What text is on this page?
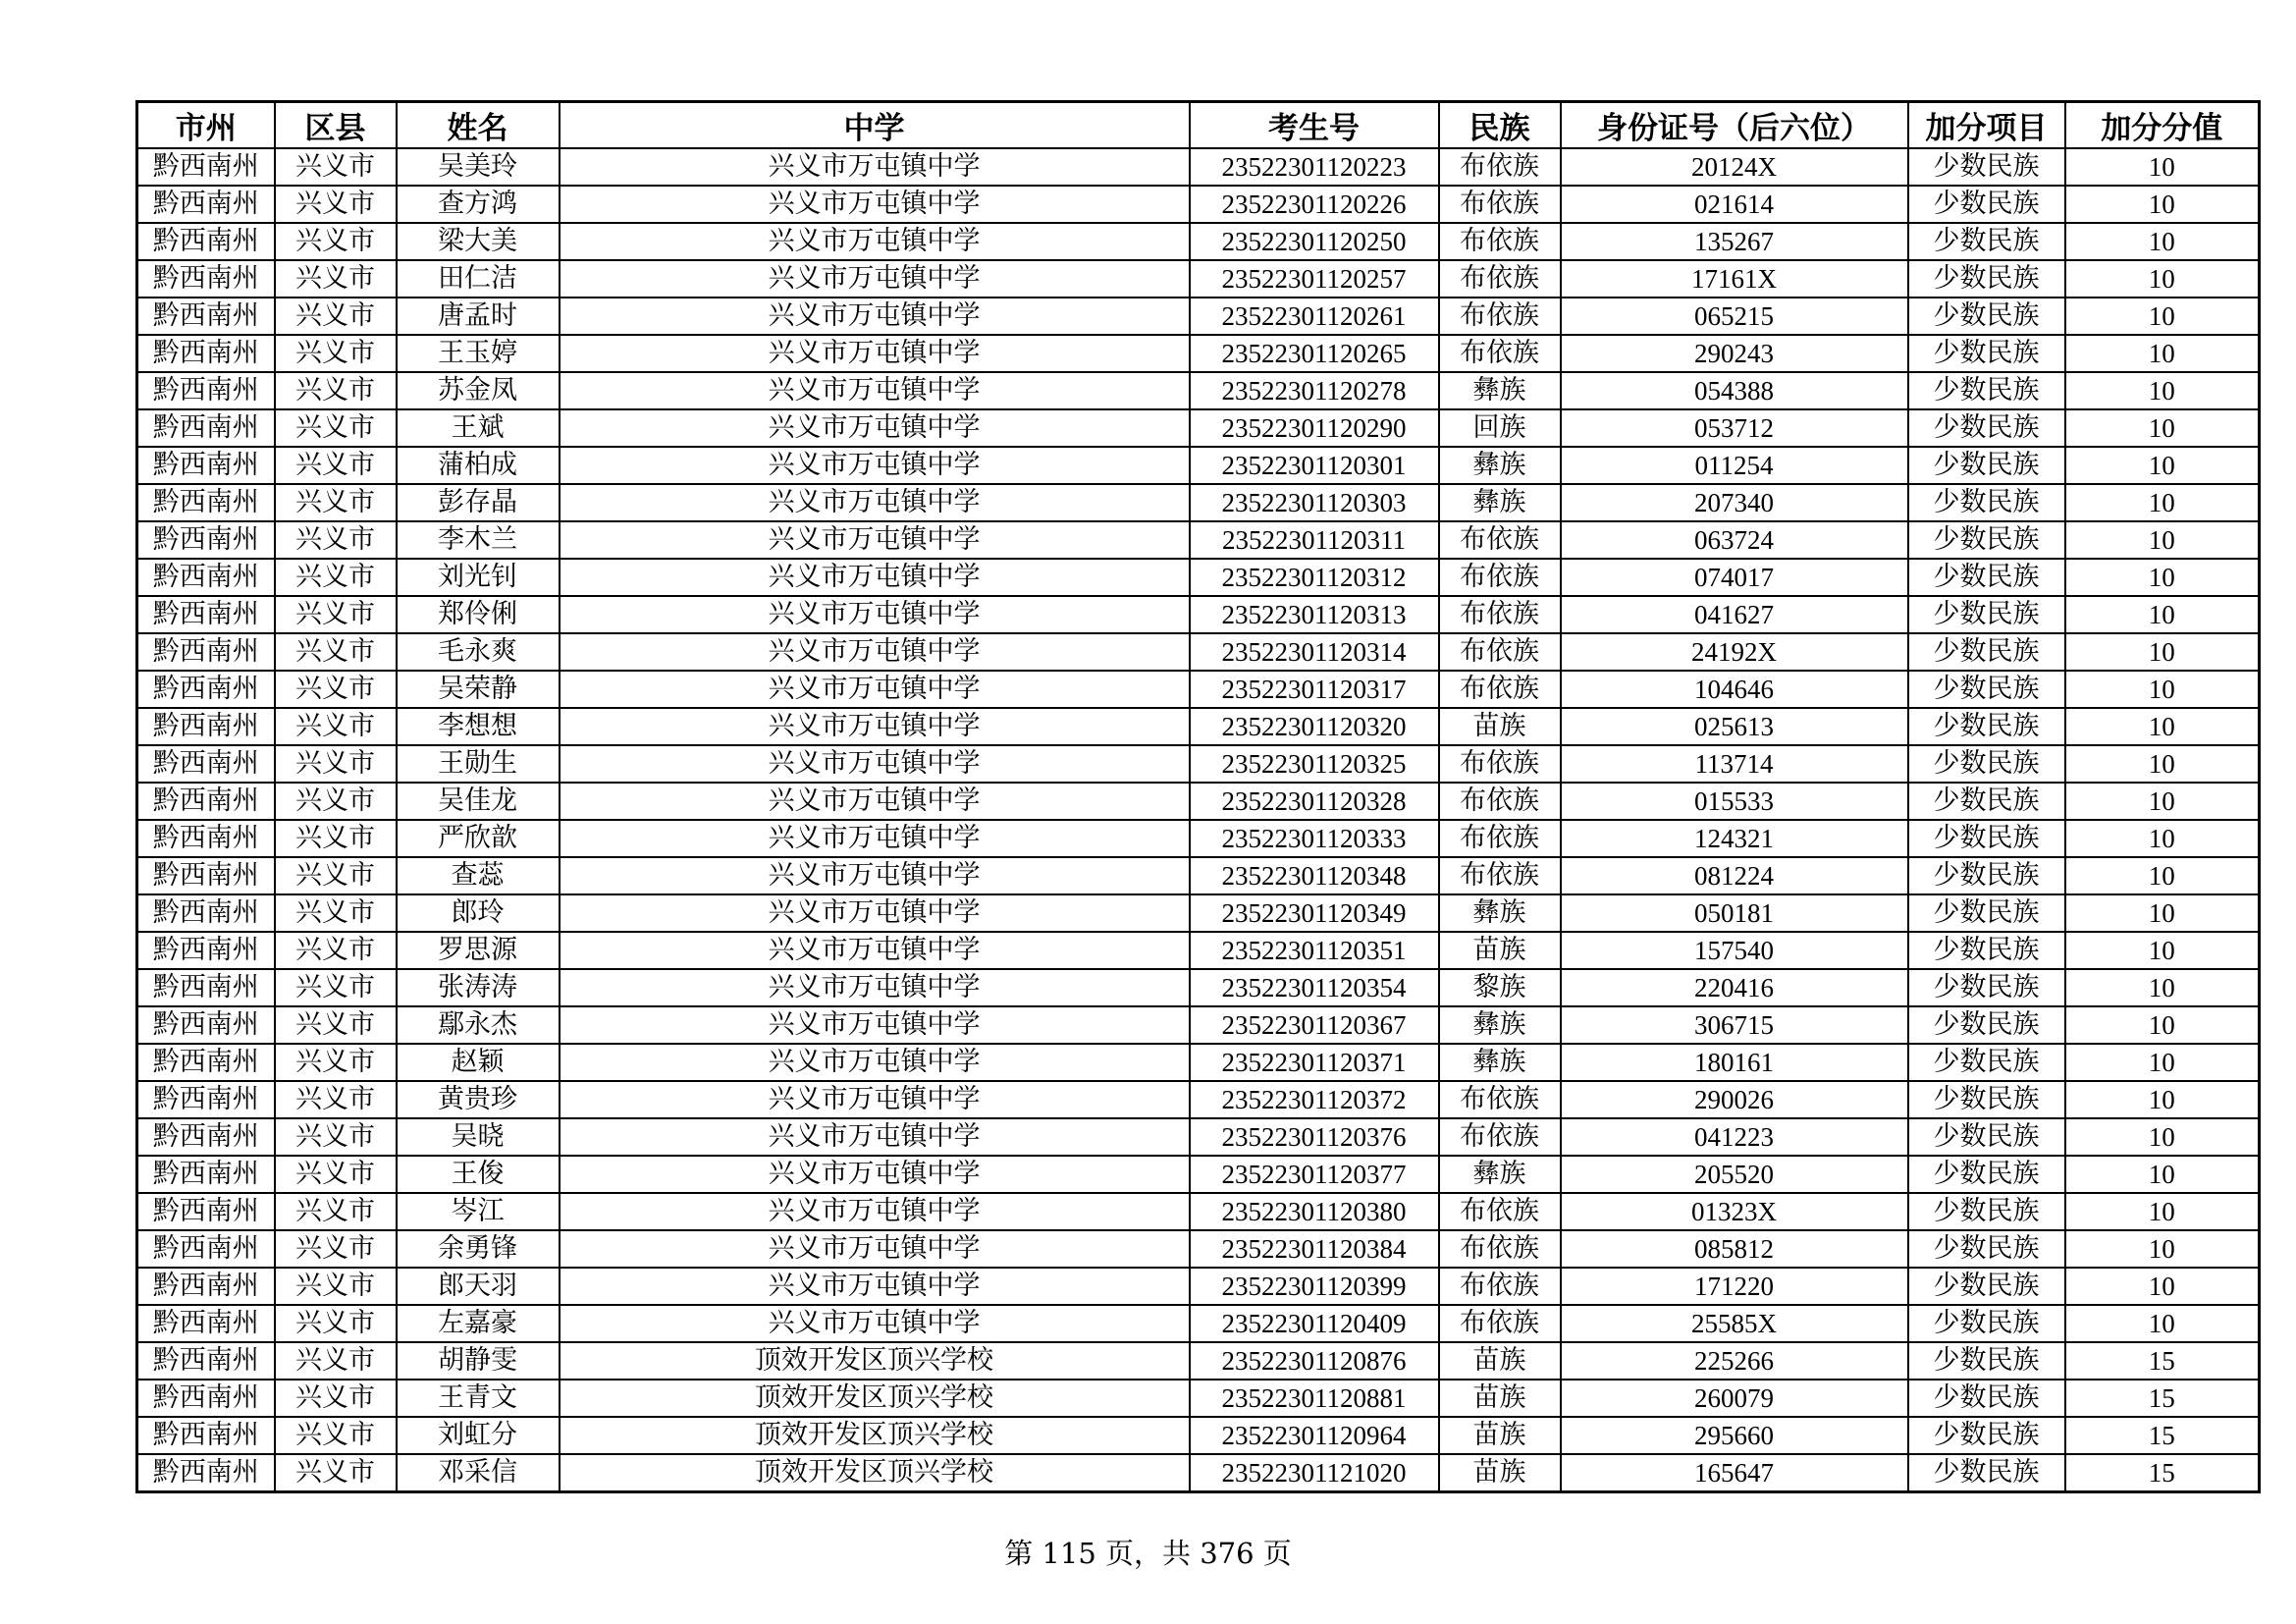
市州	区县	姓名	中学	考生号	民族	身份证号（后六位）	加分项目	加分分值
黔西南州	兴义市	吴美玲	兴义市万屯镇中学	23522301120223	布依族	20124X	少数民族	10
黔西南州	兴义市	查方鸿	兴义市万屯镇中学	23522301120226	布依族	021614	少数民族	10
黔西南州	兴义市	梁大美	兴义市万屯镇中学	23522301120250	布依族	135267	少数民族	10
黔西南州	兴义市	田仁洁	兴义市万屯镇中学	23522301120257	布依族	17161X	少数民族	10
黔西南州	兴义市	唐孟时	兴义市万屯镇中学	23522301120261	布依族	065215	少数民族	10
黔西南州	兴义市	王玉婷	兴义市万屯镇中学	23522301120265	布依族	290243	少数民族	10
黔西南州	兴义市	苏金凤	兴义市万屯镇中学	23522301120278	彝族	054388	少数民族	10
黔西南州	兴义市	王斌	兴义市万屯镇中学	23522301120290	回族	053712	少数民族	10
黔西南州	兴义市	蒲柏成	兴义市万屯镇中学	23522301120301	彝族	011254	少数民族	10
黔西南州	兴义市	彭存晶	兴义市万屯镇中学	23522301120303	彝族	207340	少数民族	10
黔西南州	兴义市	李木兰	兴义市万屯镇中学	23522301120311	布依族	063724	少数民族	10
黔西南州	兴义市	刘光钊	兴义市万屯镇中学	23522301120312	布依族	074017	少数民族	10
黔西南州	兴义市	郑伶俐	兴义市万屯镇中学	23522301120313	布依族	041627	少数民族	10
黔西南州	兴义市	毛永爽	兴义市万屯镇中学	23522301120314	布依族	24192X	少数民族	10
黔西南州	兴义市	吴荣静	兴义市万屯镇中学	23522301120317	布依族	104646	少数民族	10
黔西南州	兴义市	李想想	兴义市万屯镇中学	23522301120320	苗族	025613	少数民族	10
黔西南州	兴义市	王勋生	兴义市万屯镇中学	23522301120325	布依族	113714	少数民族	10
黔西南州	兴义市	吴佳龙	兴义市万屯镇中学	23522301120328	布依族	015533	少数民族	10
黔西南州	兴义市	严欣歆	兴义市万屯镇中学	23522301120333	布依族	124321	少数民族	10
黔西南州	兴义市	查蕊	兴义市万屯镇中学	23522301120348	布依族	081224	少数民族	10
黔西南州	兴义市	郎玲	兴义市万屯镇中学	23522301120349	彝族	050181	少数民族	10
黔西南州	兴义市	罗思源	兴义市万屯镇中学	23522301120351	苗族	157540	少数民族	10
黔西南州	兴义市	张涛涛	兴义市万屯镇中学	23522301120354	黎族	220416	少数民族	10
黔西南州	兴义市	鄢永杰	兴义市万屯镇中学	23522301120367	彝族	306715	少数民族	10
黔西南州	兴义市	赵颖	兴义市万屯镇中学	23522301120371	彝族	180161	少数民族	10
黔西南州	兴义市	黄贵珍	兴义市万屯镇中学	23522301120372	布依族	290026	少数民族	10
黔西南州	兴义市	吴晓	兴义市万屯镇中学	23522301120376	布依族	041223	少数民族	10
黔西南州	兴义市	王俊	兴义市万屯镇中学	23522301120377	彝族	205520	少数民族	10
黔西南州	兴义市	岑江	兴义市万屯镇中学	23522301120380	布依族	01323X	少数民族	10
黔西南州	兴义市	余勇锋	兴义市万屯镇中学	23522301120384	布依族	085812	少数民族	10
黔西南州	兴义市	郎天羽	兴义市万屯镇中学	23522301120399	布依族	171220	少数民族	10
黔西南州	兴义市	左嘉豪	兴义市万屯镇中学	23522301120409	布依族	25585X	少数民族	10
黔西南州	兴义市	胡静雯	顶效开发区顶兴学校	23522301120876	苗族	225266	少数民族	15
黔西南州	兴义市	王青文	顶效开发区顶兴学校	23522301120881	苗族	260079	少数民族	15
黔西南州	兴义市	刘虹分	顶效开发区顶兴学校	23522301120964	苗族	295660	少数民族	15
黔西南州	兴义市	邓采信	顶效开发区顶兴学校	23522301121020	苗族	165647	少数民族	15
第 115 页，共 376 页
